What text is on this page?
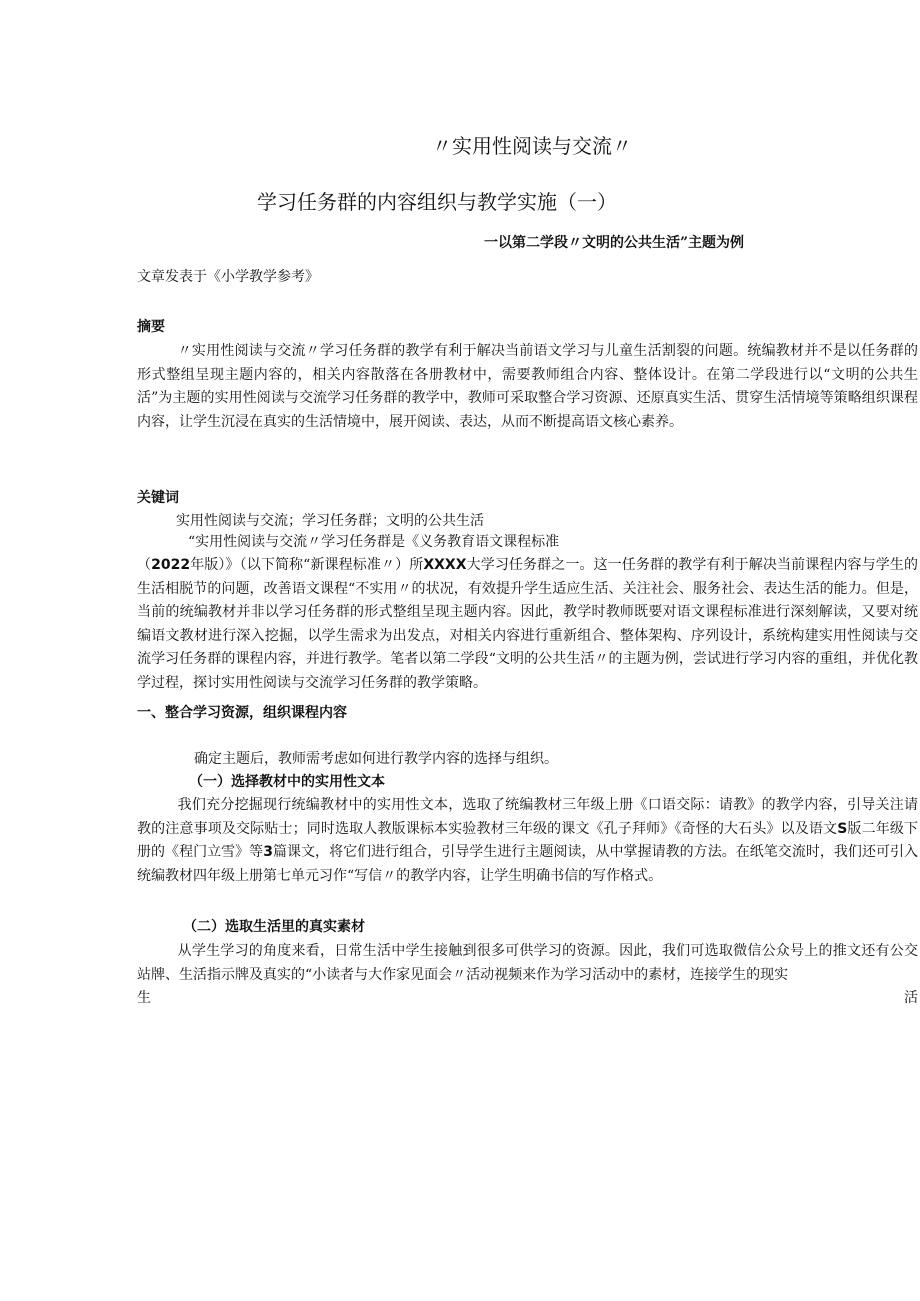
〃实用性阅读与交流〃
学习任务群的内容组织与教学实施（一）
一以第二学段〃文明的公共生活”主题为例
文章发表于《小学教学参考》
摘要
〃实用性阅读与交流〃学习任务群的教学有利于解决当前语文学习与儿童生活割裂的问题。统编教材并不是以任务群的形式整组呈现主题内容的，相关内容散落在各册教材中，需要教师组合内容、整体设计。在第二学段进行以“文明的公共生活”为主题的实用性阅读与交流学习任务群的教学中，教师可采取整合学习资源、还原真实生活、贯穿生活情境等策略组织课程内容，让学生沉浸在真实的生活情境中，展开阅读、表达，从而不断提高语文核心素养。
关键词
实用性阅读与交流；学习任务群；文明的公共生活
“实用性阅读与交流〃学习任务群是《义务教育语文课程标准
（2022年版）》（以下简称“新课程标准〃）所XXXX大学习任务群之一。这一任务群的教学有利于解决当前课程内容与学生的生活相脱节的问题，改善语文课程“不实用〃的状况，有效提升学生适应生活、关注社会、服务社会、表达生活的能力。但是，当前的统编教材并非以学习任务群的形式整组呈现主题内容。因此，教学时教师既要对语文课程标准进行深刻解读，又要对统编语文教材进行深入挖掘，以学生需求为出发点，对相关内容进行重新组合、整体架构、序列设计，系统构建实用性阅读与交流学习任务群的课程内容，并进行教学。笔者以第二学段“文明的公共生活〃的主题为例，尝试进行学习内容的重组，并优化教学过程，探讨实用性阅读与交流学习任务群的教学策略。
一、整合学习资源，组织课程内容
确定主题后，教师需考虑如何进行教学内容的选择与组织。
（一）选择教材中的实用性文本
我们充分挖掘现行统编教材中的实用性文本，选取了统编教材三年级上册《口语交际：请教》的教学内容，引导关注请教的注意事项及交际贴士；同时选取人教版课标本实验教材三年级的课文《孔子拜师》《奇怪的大石头》以及语文S版二年级下册的《程门立雪》等3篇课文，将它们进行组合，引导学生进行主题阅读，从中掌握请教的方法。在纸笔交流时，我们还可引入统编教材四年级上册第七单元习作“写信〃的教学内容，让学生明确书信的写作格式。
（二）选取生活里的真实素材
从学生学习的角度来看，日常生活中学生接触到很多可供学习的资源。因此，我们可选取微信公众号上的推文还有公交站牌、生活指示牌及真实的“小读者与大作家见面会〃活动视频来作为学习活动中的素材，连接学生的现实
生	活
